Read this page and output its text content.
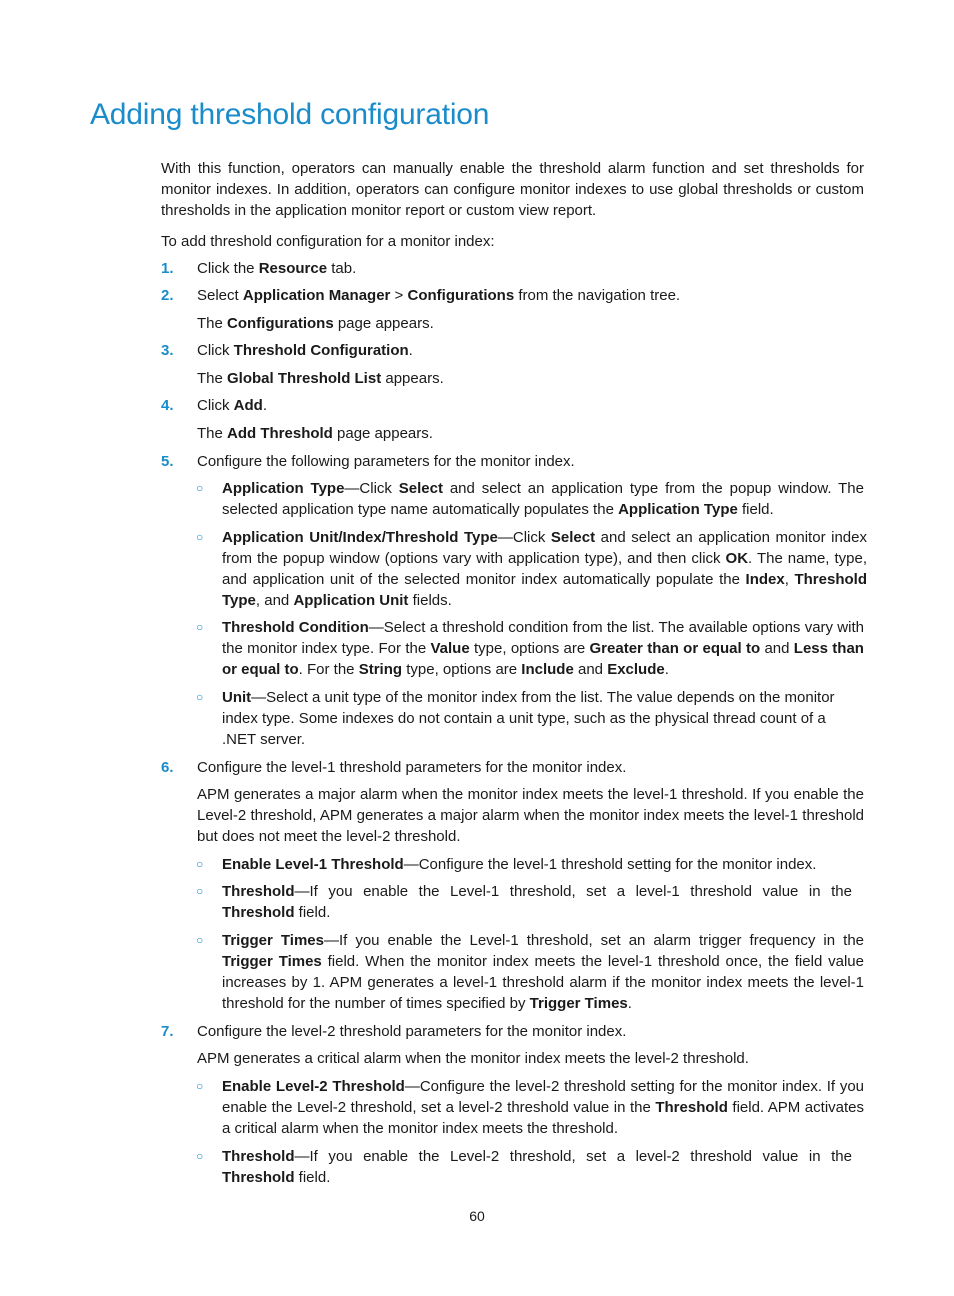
Adding threshold configuration

With this function, operators can manually enable the threshold alarm function and set thresholds for monitor indexes. In addition, operators can configure monitor indexes to use global thresholds or custom thresholds in the application monitor report or custom view report.

To add threshold configuration for a monitor index:

1. Click the Resource tab.

2. Select Application Manager > Configurations from the navigation tree.

The Configurations page appears.

3. Click Threshold Configuration.

The Global Threshold List appears.

4. Click Add.

The Add Threshold page appears.

5. Configure the following parameters for the monitor index.

○ Application Type—Click Select and select an application type from the popup window. The selected application type name automatically populates the Application Type field.

○ Application Unit/Index/Threshold Type—Click Select and select an application monitor index from the popup window (options vary with application type), and then click OK. The name, type, and application unit of the selected monitor index automatically populate the Index, Threshold Type, and Application Unit fields.

○ Threshold Condition—Select a threshold condition from the list. The available options vary with the monitor index type. For the Value type, options are Greater than or equal to and Less than or equal to. For the String type, options are Include and Exclude.

○ Unit—Select a unit type of the monitor index from the list. The value depends on the monitor index type. Some indexes do not contain a unit type, such as the physical thread count of a .NET server.

6. Configure the level-1 threshold parameters for the monitor index.

APM generates a major alarm when the monitor index meets the level-1 threshold. If you enable the Level-2 threshold, APM generates a major alarm when the monitor index meets the level-1 threshold but does not meet the level-2 threshold.

○ Enable Level-1 Threshold—Configure the level-1 threshold setting for the monitor index.

○ Threshold—If you enable the Level-1 threshold, set a level-1 threshold value in the Threshold field.

○ Trigger Times—If you enable the Level-1 threshold, set an alarm trigger frequency in the Trigger Times field. When the monitor index meets the level-1 threshold once, the field value increases by 1. APM generates a level-1 threshold alarm if the monitor index meets the level-1 threshold for the number of times specified by Trigger Times.

7. Configure the level-2 threshold parameters for the monitor index.

APM generates a critical alarm when the monitor index meets the level-2 threshold.

○ Enable Level-2 Threshold—Configure the level-2 threshold setting for the monitor index. If you enable the Level-2 threshold, set a level-2 threshold value in the Threshold field. APM activates a critical alarm when the monitor index meets the threshold.

○ Threshold—If you enable the Level-2 threshold, set a level-2 threshold value in the Threshold field.

60
